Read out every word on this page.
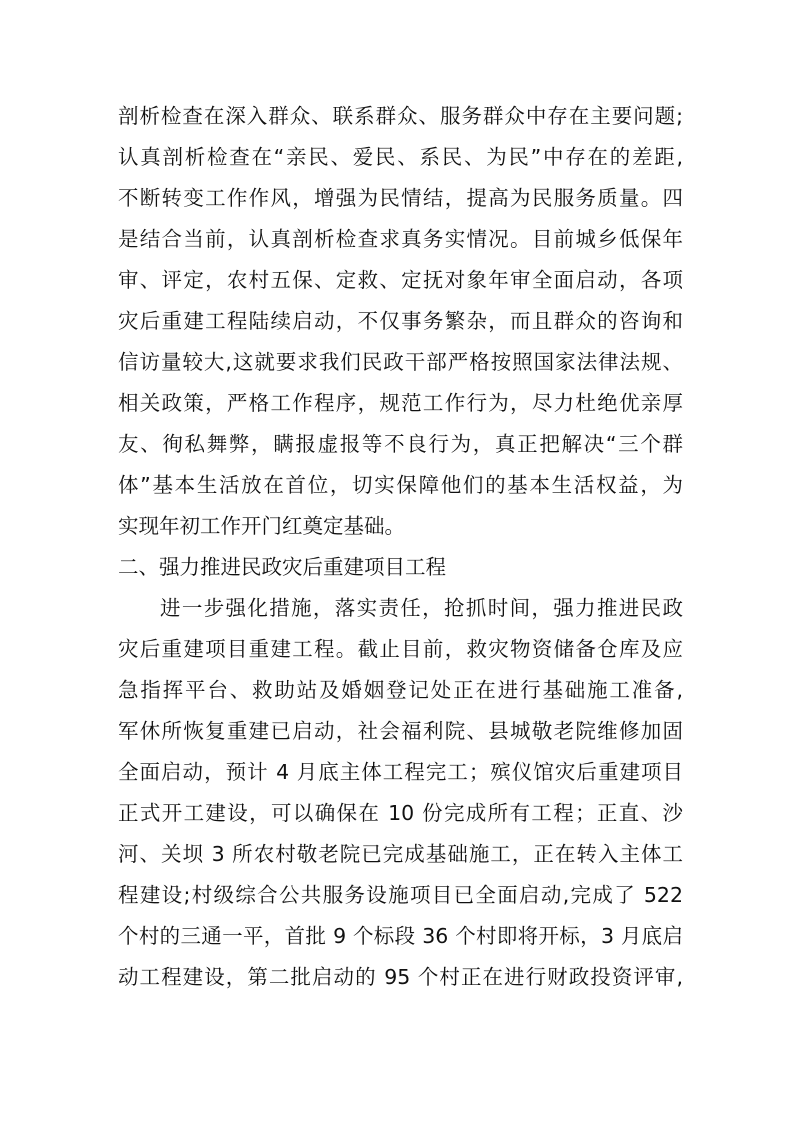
剖析检查在深入群众、联系群众、服务群众中存在主要问题;

认真剖析检查在“亲民、爱民、系民、为民”中存在的差距,

不断转变工作作风，增强为民情结，提高为民服务质量。四

是结合当前，认真剖析检查求真务实情况。目前城乡低保年

审、评定，农村五保、定救、定抚对象年审全面启动，各项

灾后重建工程陆续启动，不仅事务繁杂，而且群众的咨询和

信访量较大,这就要求我们民政干部严格按照国家法律法规、

相关政策，严格工作程序，规范工作行为，尽力杜绝优亲厚

友、徇私舞弊，瞒报虚报等不良行为，真正把解决“三个群

体”基本生活放在首位，切实保障他们的基本生活权益，为

实现年初工作开门红奠定基础。

二、强力推进民政灾后重建项目工程

进一步强化措施，落实责任，抢抓时间，强力推进民政

灾后重建项目重建工程。截止目前，救灾物资储备仓库及应

急指挥平台、救助站及婚姻登记处正在进行基础施工准备,

军休所恢复重建已启动，社会福利院、县城敬老院维修加固

全面启动，预计 4 月底主体工程完工；殡仪馆灾后重建项目

正式开工建设，可以确保在 10 份完成所有工程；正直、沙

河、关坝 3 所农村敬老院已完成基础施工，正在转入主体工

程建设;村级综合公共服务设施项目已全面启动,完成了 522

个村的三通一平，首批 9 个标段 36 个村即将开标，3 月底启

动工程建设，第二批启动的 95 个村正在进行财政投资评审,
